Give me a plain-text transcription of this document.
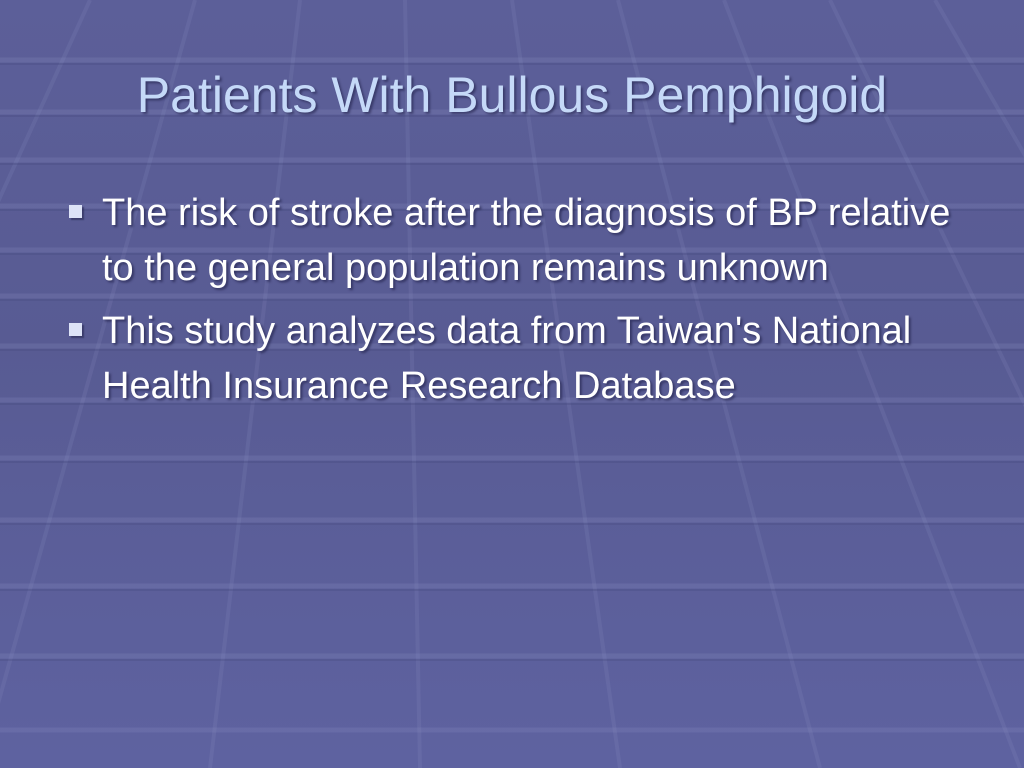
Patients With Bullous Pemphigoid
The risk of stroke after the diagnosis of BP relative to the general population remains unknown
This study analyzes data from Taiwan's National Health Insurance Research Database
